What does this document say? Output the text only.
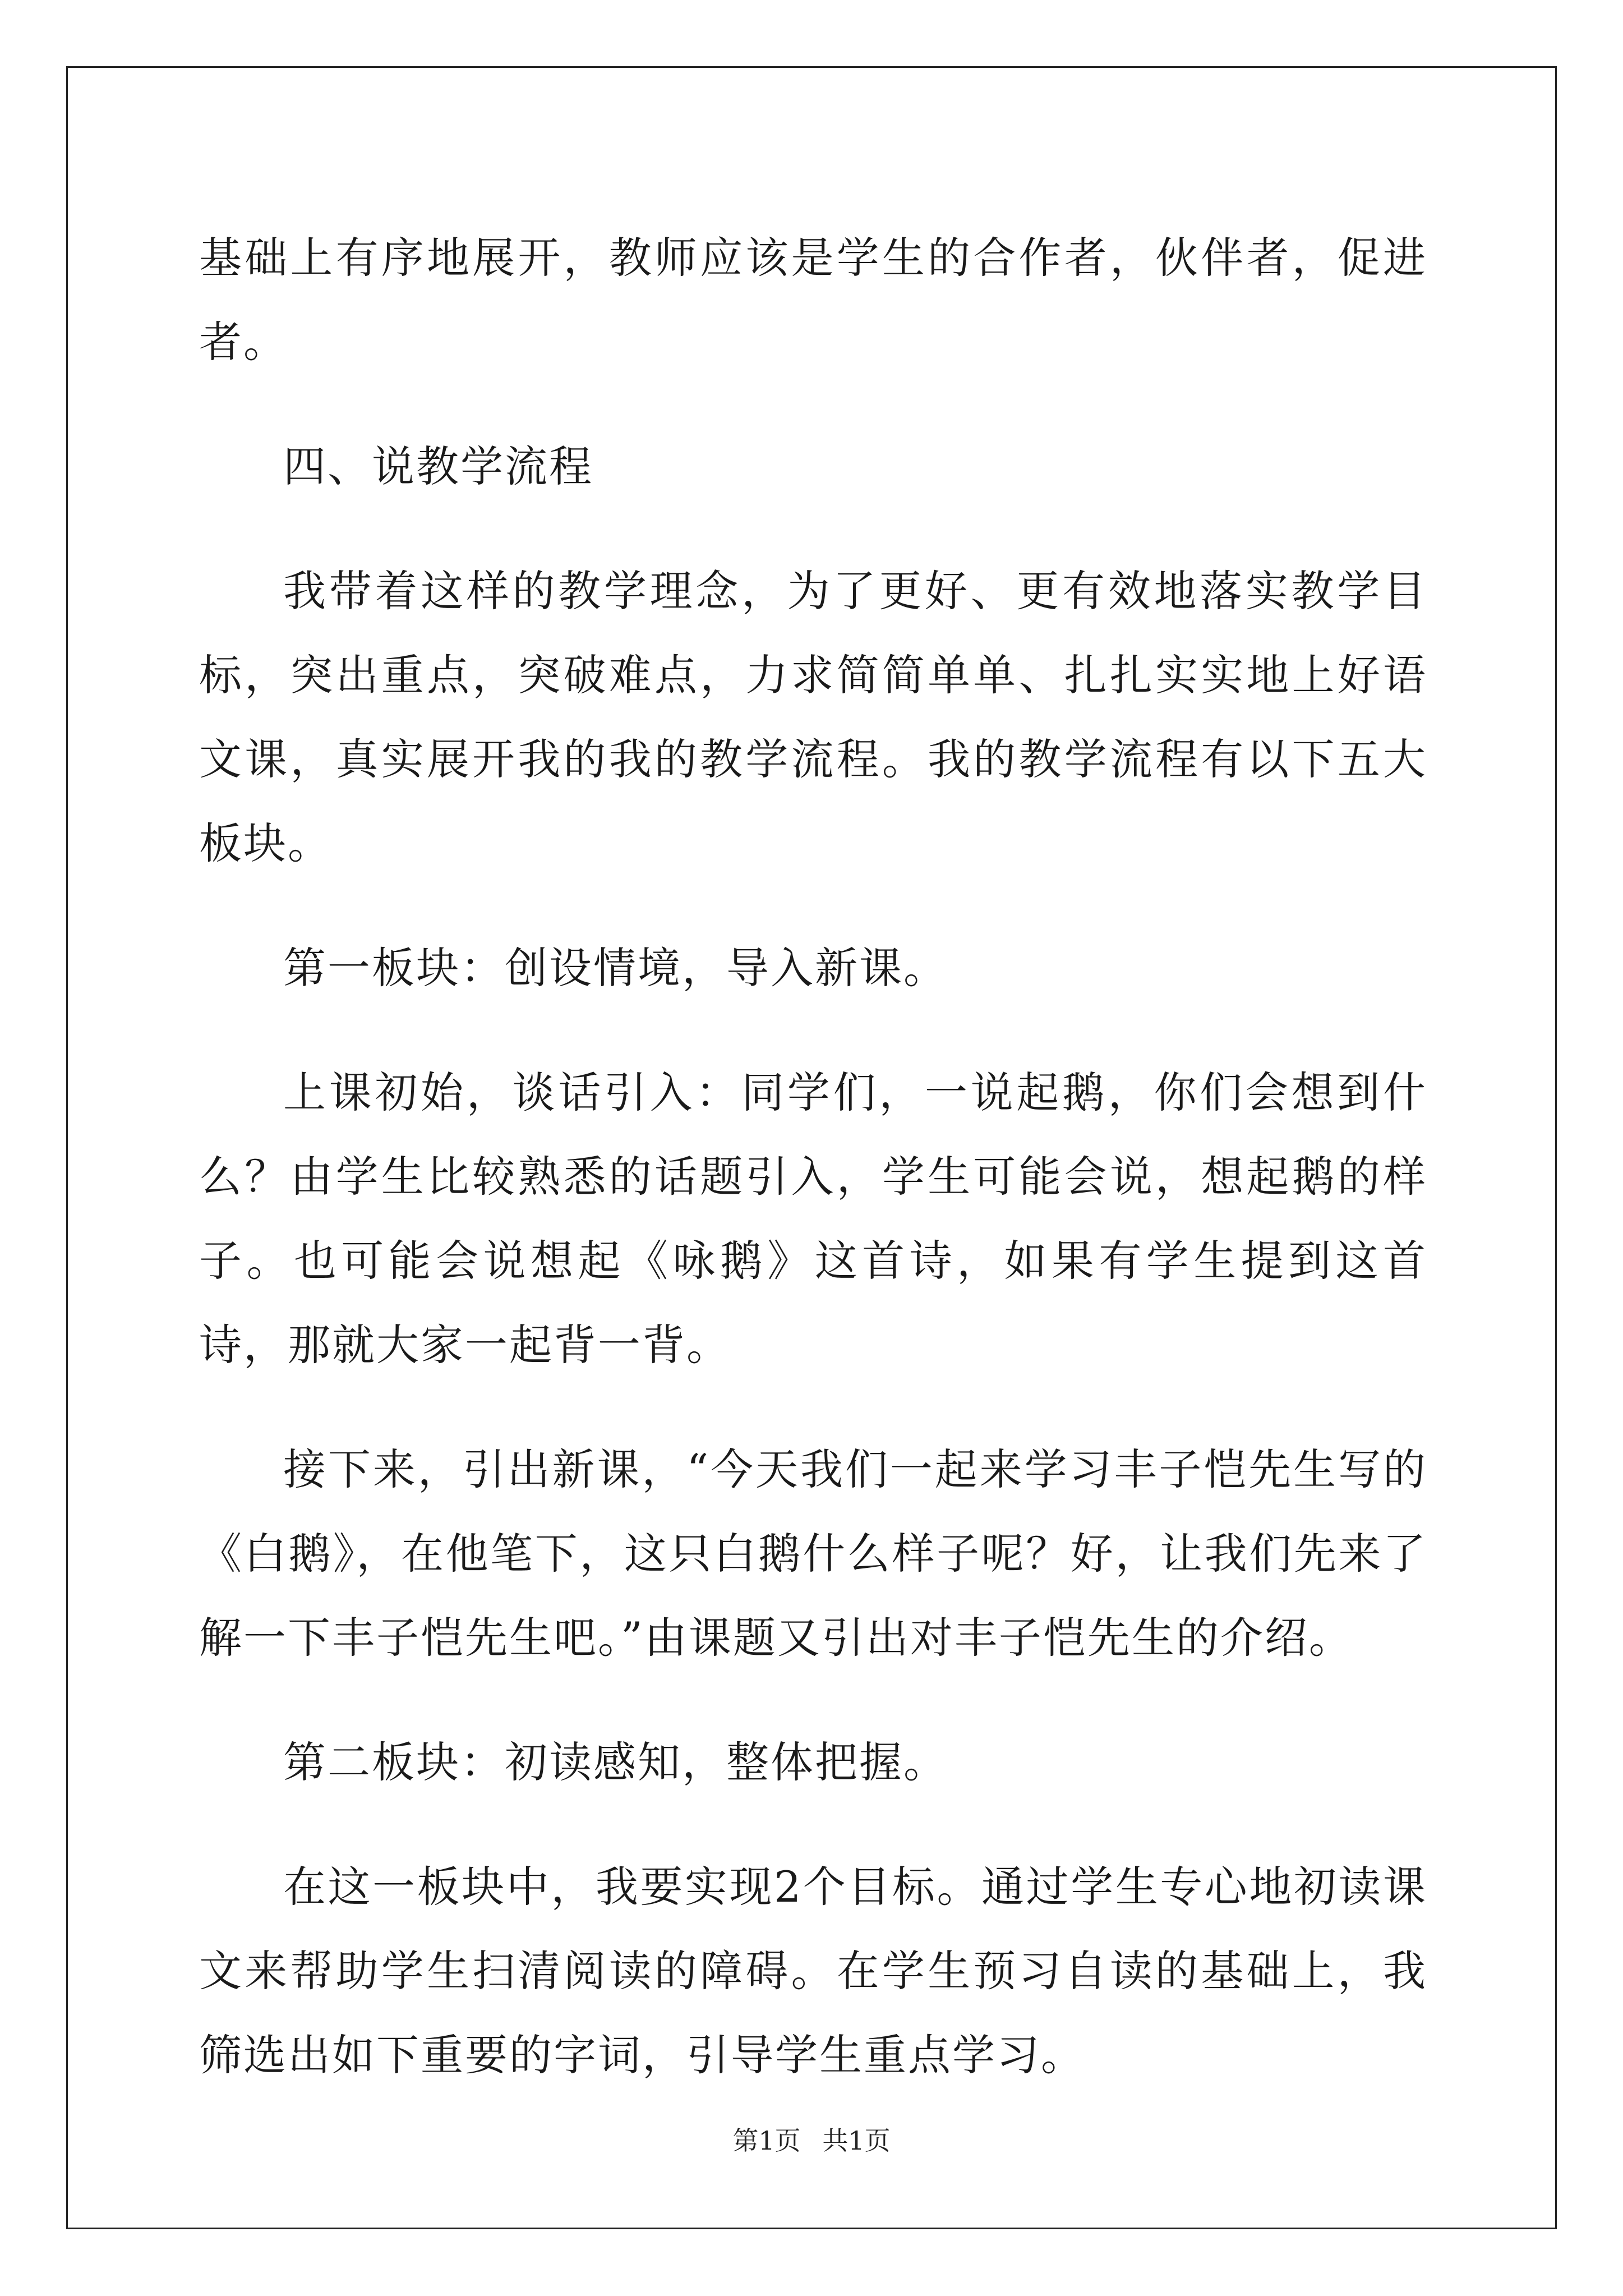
基础上有序地展开，教师应该是学生的合作者，伙伴者，促进者。

四、说教学流程

我带着这样的教学理念，为了更好、更有效地落实教学目标，突出重点，突破难点，力求简简单单、扎扎实实地上好语文课，真实展开我的我的教学流程。我的教学流程有以下五大板块。

第一板块：创设情境，导入新课。

上课初始，谈话引入：同学们，一说起鹅，你们会想到什么？由学生比较熟悉的话题引入，学生可能会说，想起鹅的样子。也可能会说想起《咏鹅》这首诗，如果有学生提到这首诗，那就大家一起背一背。

接下来，引出新课，“今天我们一起来学习丰子恺先生写的《白鹅》，在他笔下，这只白鹅什么样子呢？好，让我们先来了解一下丰子恺先生吧。”由课题又引出对丰子恺先生的介绍。

第二板块：初读感知，整体把握。

在这一板块中，我要实现2个目标。通过学生专心地初读课文来帮助学生扫清阅读的障碍。在学生预习自读的基础上，我筛选出如下重要的字词，引导学生重点学习。

第1页 共1页
